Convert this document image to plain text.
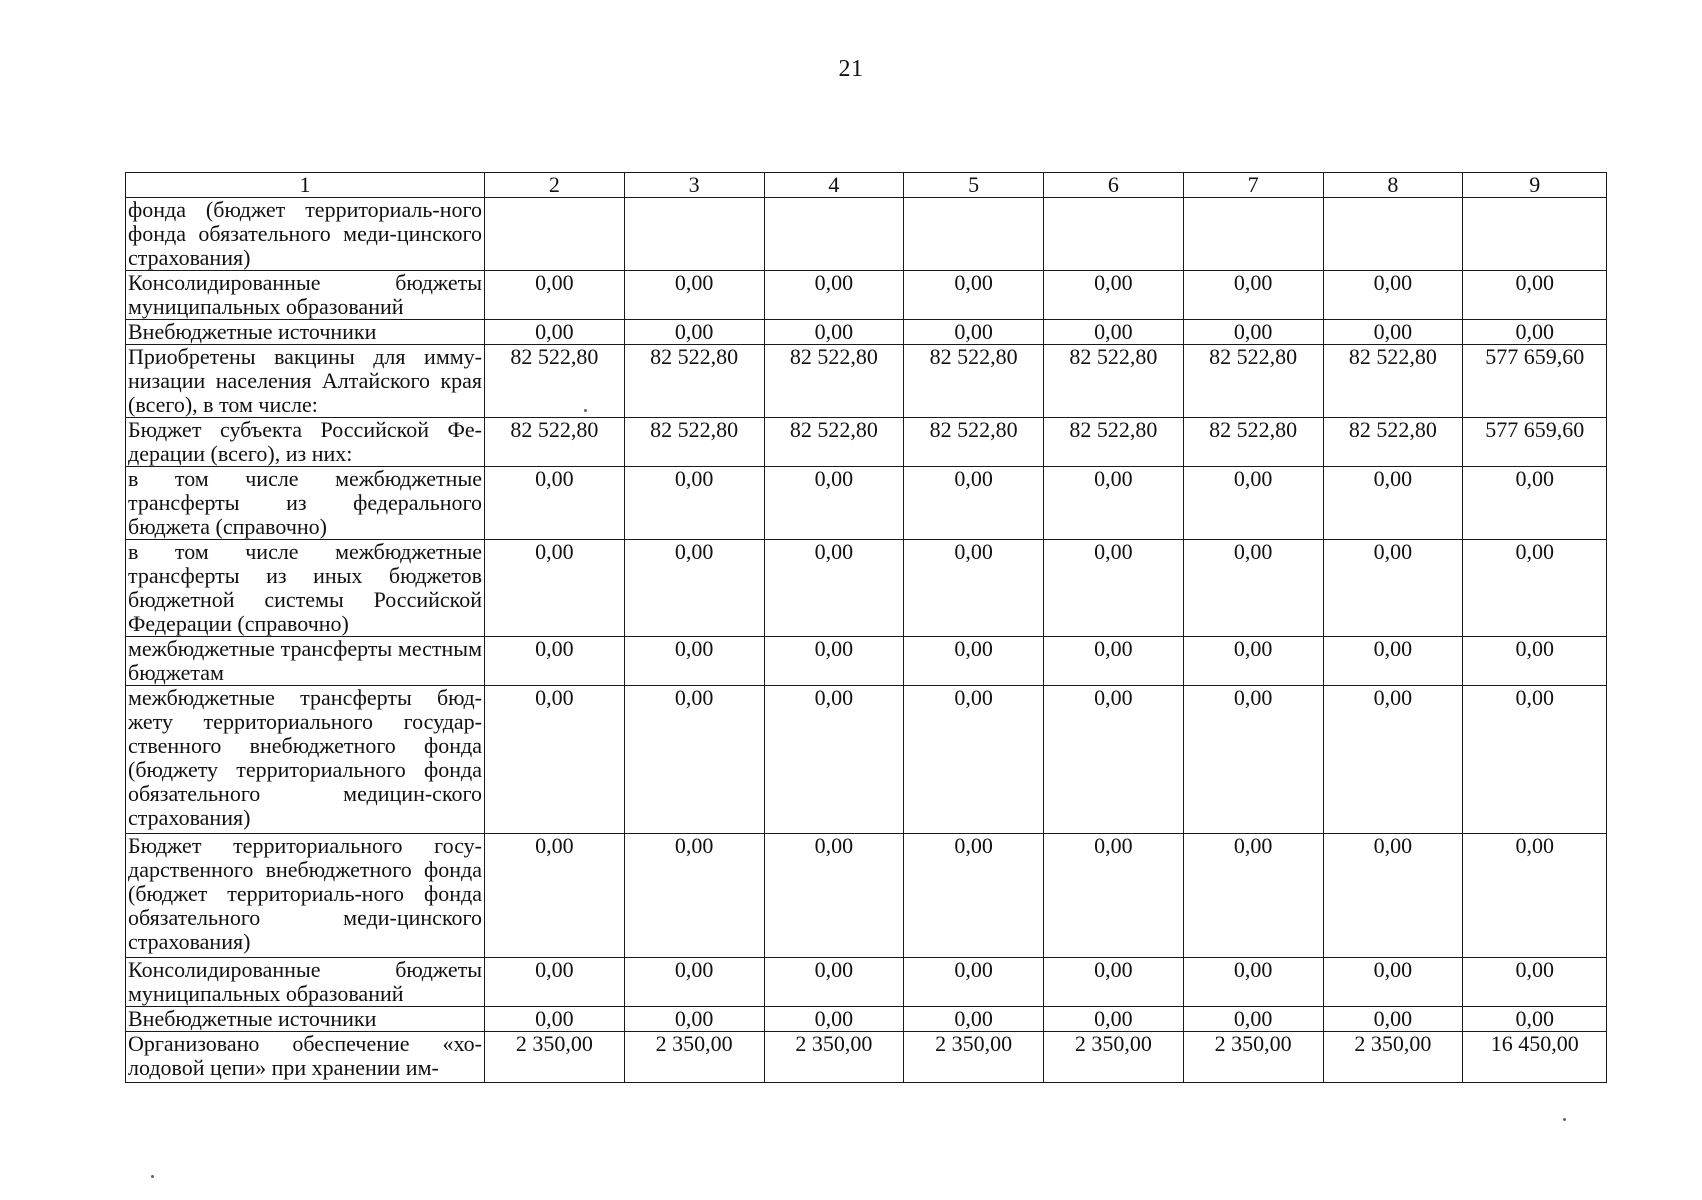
21
1	2	3	4	5	6	7	8	9
фонда (бюджет территориаль-ного фонда обязательного меди-цинского страхования)								
Консолидированные бюджеты муниципальных образований	0,00	0,00	0,00	0,00	0,00	0,00	0,00	0,00
Внебюджетные источники	0,00	0,00	0,00	0,00	0,00	0,00	0,00	0,00
Приобретены вакцины для имму-низации населения Алтайского края (всего), в том числе:	82 522,80	82 522,80	82 522,80	82 522,80	82 522,80	82 522,80	82 522,80	577 659,60
Бюджет субъекта Российской Фе-дерации (всего), из них:	82 522,80	82 522,80	82 522,80	82 522,80	82 522,80	82 522,80	82 522,80	577 659,60
в том числе межбюджетные трансферты из федерального бюджета (справочно)	0,00	0,00	0,00	0,00	0,00	0,00	0,00	0,00
в том числе межбюджетные трансферты из иных бюджетов бюджетной системы Российской Федерации (справочно)	0,00	0,00	0,00	0,00	0,00	0,00	0,00	0,00
межбюджетные трансферты местным бюджетам	0,00	0,00	0,00	0,00	0,00	0,00	0,00	0,00
межбюджетные трансферты бюд-жету территориального государ-ственного внебюджетного фонда (бюджету территориального фонда обязательного медицин-ского страхования)	0,00	0,00	0,00	0,00	0,00	0,00	0,00	0,00
Бюджет территориального госу-дарственного внебюджетного фонда (бюджет территориаль-ного фонда обязательного меди-цинского страхования)	0,00	0,00	0,00	0,00	0,00	0,00	0,00	0,00
Консолидированные бюджеты муниципальных образований	0,00	0,00	0,00	0,00	0,00	0,00	0,00	0,00
Внебюджетные источники	0,00	0,00	0,00	0,00	0,00	0,00	0,00	0,00
Организовано обеспечение «хо-лодовой цепи» при хранении им-	2 350,00	2 350,00	2 350,00	2 350,00	2 350,00	2 350,00	2 350,00	16 450,00
